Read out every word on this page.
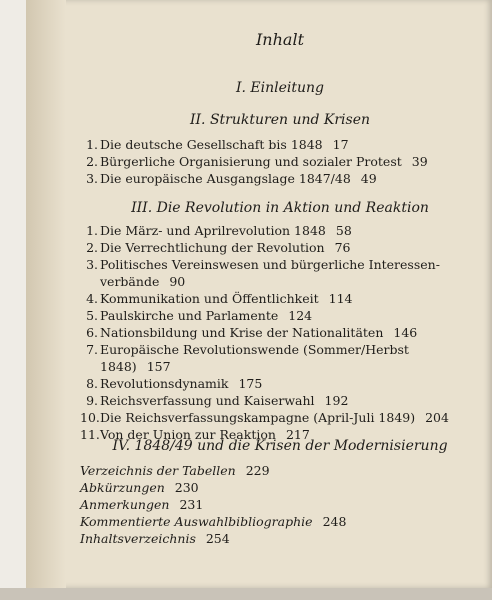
Inhalt
I. Einleitung
II. Strukturen und Krisen
1. Die deutsche Gesellschaft bis 1848 17
2. Bürgerliche Organisierung und sozialer Protest 39
3. Die europäische Ausgangslage 1847/48 49
III. Die Revolution in Aktion und Reaktion
1. Die März- und Aprilrevolution 1848 58
2. Die Verrechtlichung der Revolution 76
3. Politisches Vereinswesen und bürgerliche Interessen-verbände 90
4. Kommunikation und Öffentlichkeit 114
5. Paulskirche und Parlamente 124
6. Nationsbildung und Krise der Nationalitäten 146
7. Europäische Revolutionswende (Sommer/Herbst 1848) 157
8. Revolutionsdynamik 175
9. Reichsverfassung und Kaiserwahl 192
10. Die Reichsverfassungskampagne (April-Juli 1849) 204
11. Von der Union zur Reaktion 217
IV. 1848/49 und die Krisen der Modernisierung
Verzeichnis der Tabellen 229
Abkürzungen 230
Anmerkungen 231
Kommentierte Auswahlbibliographie 248
Inhaltsverzeichnis 254
